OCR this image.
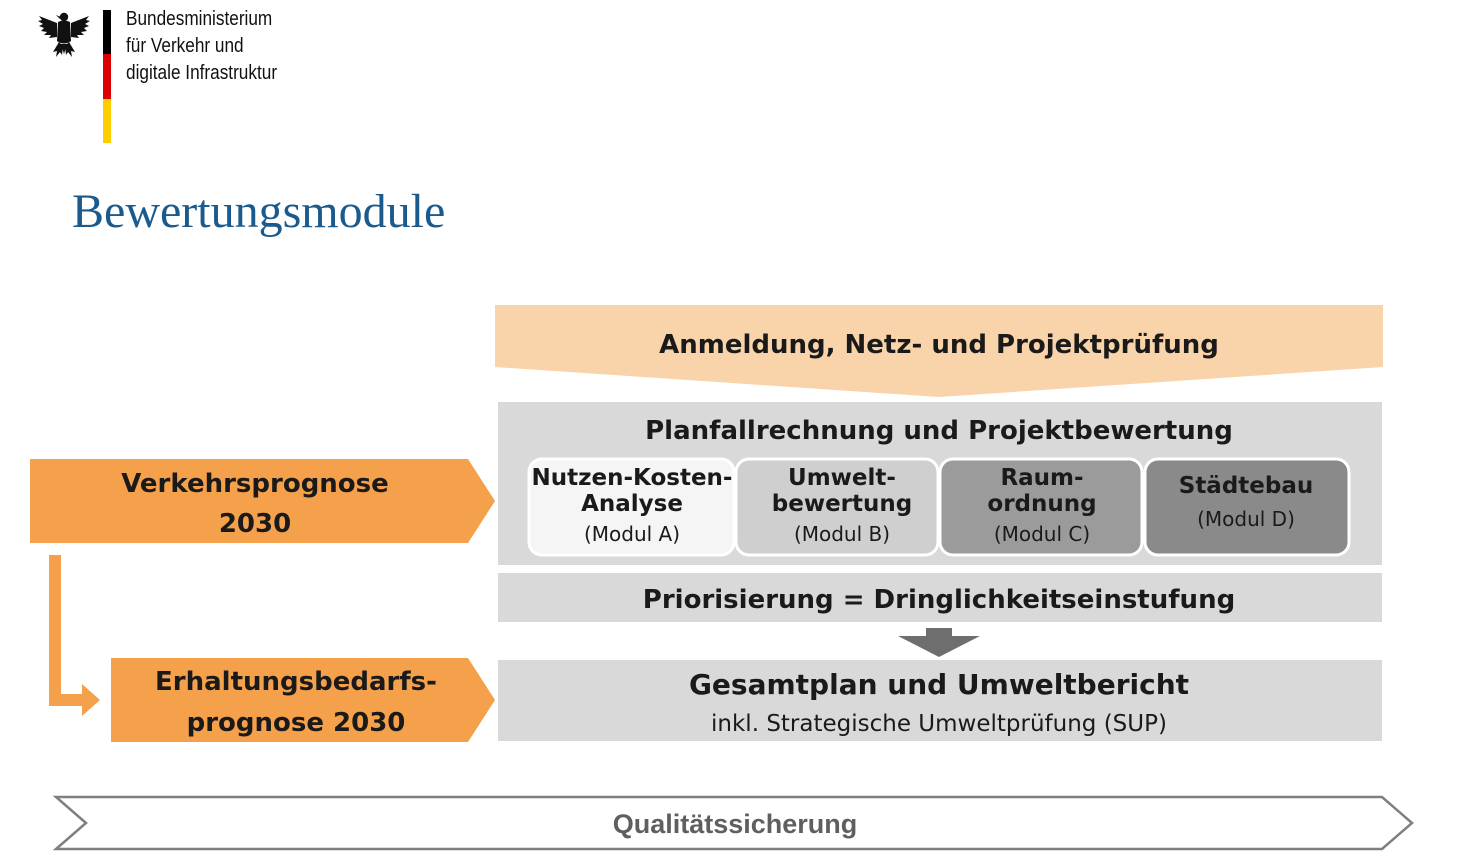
Bundesministerium

für Verkehr und

digitale Infrastruktur

Bewertungsmodule
Anmeldung, Netz- und Projektprüfung
Planfallrechnung und Projektbewertung
Nutzen-Kosten-
Analyse
(Modul A)
Umwelt-
bewertung
(Modul B)
Raum-
ordnung
(Modul C)
Städtebau
(Modul D)
Verkehrsprognose
2030
Priorisierung = Dringlichkeitseinstufung
Erhaltungsbedarfs-
prognose 2030
Gesamtplan und Umweltbericht
inkl. Strategische Umweltprüfung (SUP)
Qualitätssicherung
